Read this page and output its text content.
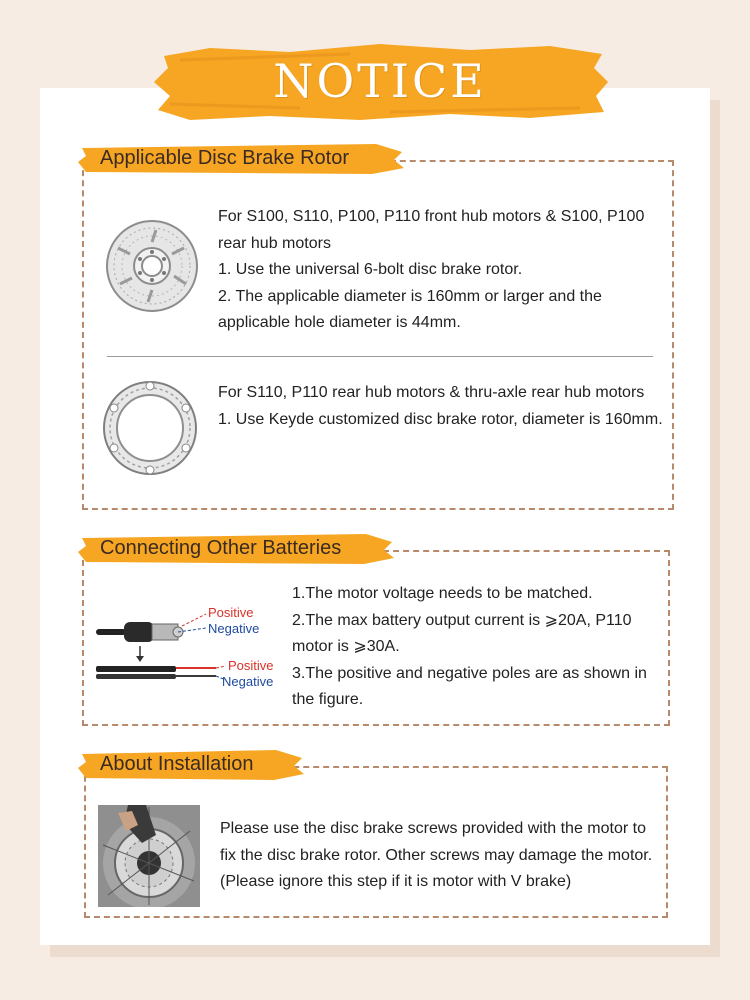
NOTICE
Applicable Disc Brake Rotor
For S100, S110, P100, P110 front hub motors & S100, P100 rear hub motors
1. Use the universal 6-bolt disc brake rotor.
2. The applicable diameter is 160mm or larger and the applicable hole diameter is 44mm.
For S110, P110 rear hub motors & thru-axle rear hub motors
1. Use Keyde customized disc brake rotor, diameter is 160mm.
Connecting Other Batteries
Positive
Negative
Positive
Negative
1.The motor voltage needs to be matched.
2.The max battery output current is ⩾20A, P110 motor is ⩾30A.
3.The positive and negative poles are as shown in the figure.
About Installation
Please use the disc brake screws provided with the motor to fix the disc brake rotor. Other screws may damage the motor. (Please ignore this step if it is motor with V brake)
